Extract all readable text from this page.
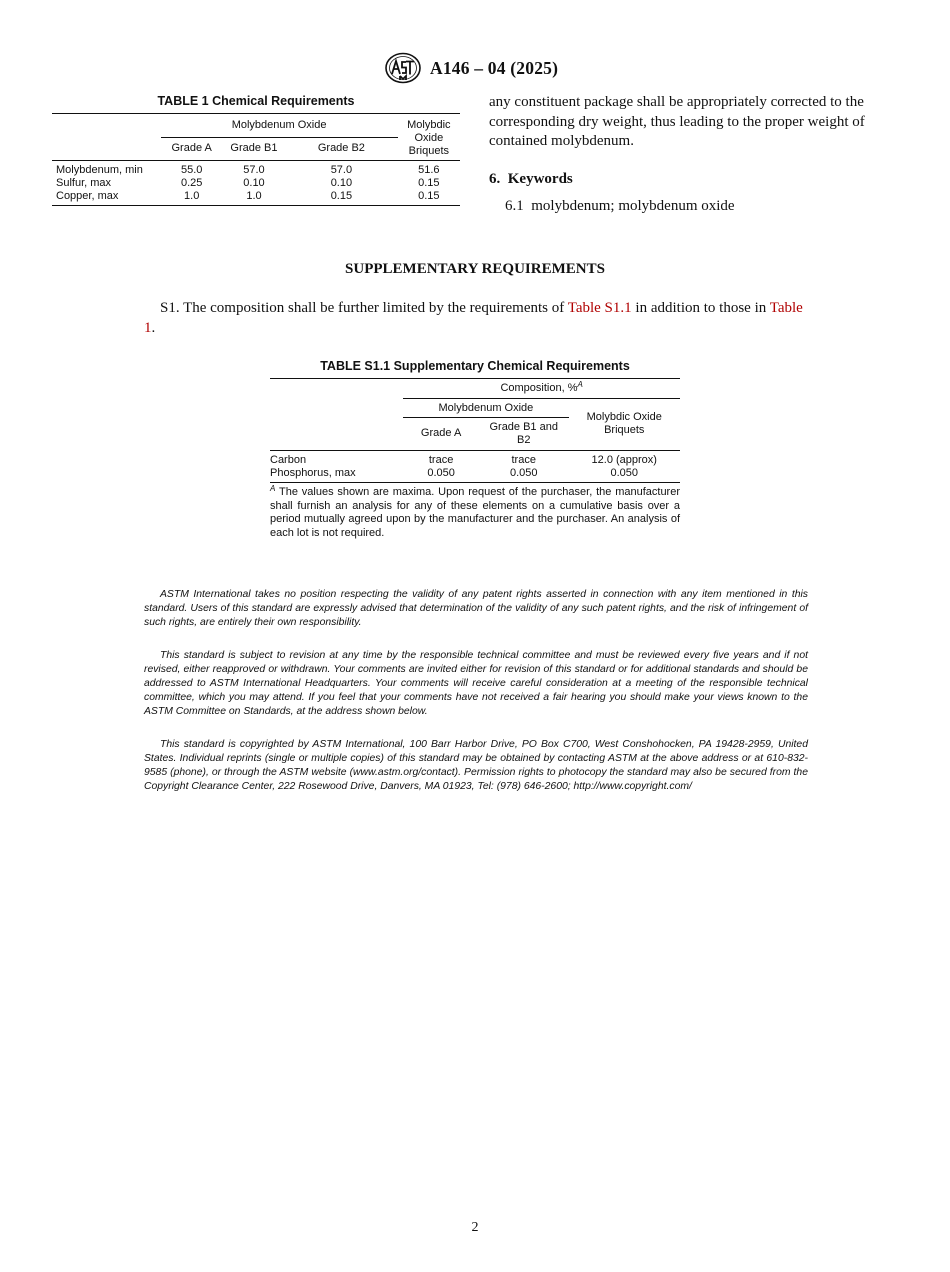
A146 – 04 (2025)
TABLE 1 Chemical Requirements
	Molybdenum Oxide			Molybdic Oxide Briquets
	Grade A	Grade B1	Grade B2	
Molybdenum, min	55.0	57.0	57.0	51.6
Sulfur, max	0.25	0.10	0.10	0.15
Copper, max	1.0	1.0	0.15	0.15
any constituent package shall be appropriately corrected to the corresponding dry weight, thus leading to the proper weight of contained molybdenum.
6.  Keywords
6.1  molybdenum; molybdenum oxide
SUPPLEMENTARY REQUIREMENTS
S1. The composition shall be further limited by the requirements of Table S1.1 in addition to those in Table 1.
TABLE S1.1 Supplementary Chemical Requirements
	Composition, %$^A$
	Molybdenum Oxide		Molybdic Oxide Briquets
	Grade A	Grade B1 and B2	
Carbon	trace	trace	12.0 (approx)
Phosphorus, max	0.050	0.050	0.050
$^A$ The values shown are maxima. Upon request of the purchaser, the manufacturer shall furnish an analysis for any of these elements on a cumulative basis over a period mutually agreed upon by the manufacturer and the purchaser. An analysis of each lot is not required.
ASTM International takes no position respecting the validity of any patent rights asserted in connection with any item mentioned in this standard. Users of this standard are expressly advised that determination of the validity of any such patent rights, and the risk of infringement of such rights, are entirely their own responsibility.
This standard is subject to revision at any time by the responsible technical committee and must be reviewed every five years and if not revised, either reapproved or withdrawn. Your comments are invited either for revision of this standard or for additional standards and should be addressed to ASTM International Headquarters. Your comments will receive careful consideration at a meeting of the responsible technical committee, which you may attend. If you feel that your comments have not received a fair hearing you should make your views known to the ASTM Committee on Standards, at the address shown below.
This standard is copyrighted by ASTM International, 100 Barr Harbor Drive, PO Box C700, West Conshohocken, PA 19428-2959, United States. Individual reprints (single or multiple copies) of this standard may be obtained by contacting ASTM at the above address or at 610-832-9585 (phone), or through the ASTM website (www.astm.org/contact). Permission rights to photocopy the standard may also be secured from the Copyright Clearance Center, 222 Rosewood Drive, Danvers, MA 01923, Tel: (978) 646-2600; http://www.copyright.com/
2
